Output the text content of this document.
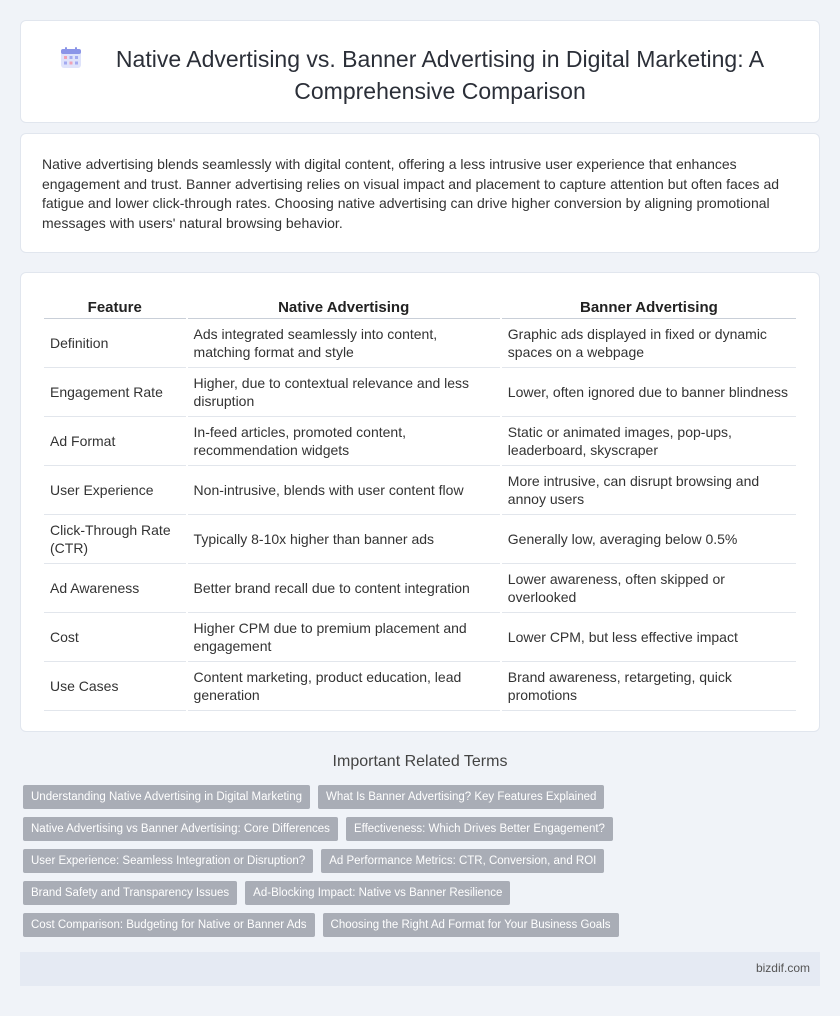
Native Advertising vs. Banner Advertising in Digital Marketing: A Comprehensive Comparison

Native advertising blends seamlessly with digital content, offering a less intrusive user experience that enhances engagement and trust. Banner advertising relies on visual impact and placement to capture attention but often faces ad fatigue and lower click-through rates. Choosing native advertising can drive higher conversion by aligning promotional messages with users' natural browsing behavior.

Feature	Native Advertising	Banner Advertising
Definition	Ads integrated seamlessly into content, matching format and style	Graphic ads displayed in fixed or dynamic spaces on a webpage
Engagement Rate	Higher, due to contextual relevance and less disruption	Lower, often ignored due to banner blindness
Ad Format	In-feed articles, promoted content, recommendation widgets	Static or animated images, pop-ups, leaderboard, skyscraper
User Experience	Non-intrusive, blends with user content flow	More intrusive, can disrupt browsing and annoy users
Click-Through Rate (CTR)	Typically 8-10x higher than banner ads	Generally low, averaging below 0.5%
Ad Awareness	Better brand recall due to content integration	Lower awareness, often skipped or overlooked
Cost	Higher CPM due to premium placement and engagement	Lower CPM, but less effective impact
Use Cases	Content marketing, product education, lead generation	Brand awareness, retargeting, quick promotions
Important Related Terms
Understanding Native Advertising in Digital Marketing	What Is Banner Advertising? Key Features Explained
Native Advertising vs Banner Advertising: Core Differences	Effectiveness: Which Drives Better Engagement?
User Experience: Seamless Integration or Disruption?	Ad Performance Metrics: CTR, Conversion, and ROI
Brand Safety and Transparency Issues	Ad-Blocking Impact: Native vs Banner Resilience
Cost Comparison: Budgeting for Native or Banner Ads	Choosing the Right Ad Format for Your Business Goals
bizdif.com
